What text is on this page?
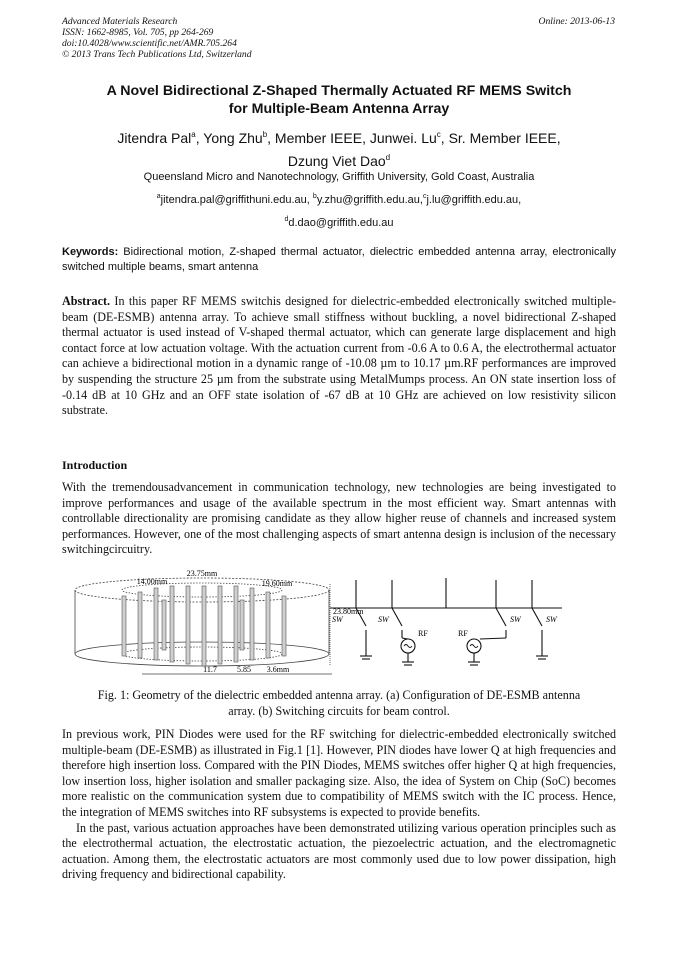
Advanced Materials Research
ISSN: 1662-8985, Vol. 705, pp 264-269
doi:10.4028/www.scientific.net/AMR.705.264
© 2013 Trans Tech Publications Ltd, Switzerland
Online: 2013-06-13
A Novel Bidirectional Z-Shaped Thermally Actuated RF MEMS Switch
for Multiple-Beam Antenna Array
Jitendra Pal$^a$, Yong Zhu$^b$, Member IEEE, Junwei. Lu$^c$, Sr. Member IEEE,
Dzung Viet Dao$^d$
Queensland Micro and Nanotechnology, Griffith University, Gold Coast, Australia
$^a$jitendra.pal@griffithuni.edu.au, $^b$y.zhu@griffith.edu.au,$^c$j.lu@griffith.edu.au,
$^d$d.dao@griffith.edu.au
Keywords: Bidirectional motion, Z-shaped thermal actuator, dielectric embedded antenna array, electronically switched multiple beams, smart antenna
Abstract. In this paper RF MEMS switchis designed for dielectric-embedded electronically switched multiple-beam (DE-ESMB) antenna array. To achieve small stiffness without buckling, a novel bidirectional Z-shaped thermal actuator is used instead of V-shaped thermal actuator, which can generate large displacement and high contact force at low actuation voltage. With the actuation current from -0.6 A to 0.6 A, the electrothermal actuator can achieve a bidirectional motion in a dynamic range of -10.08 µm to 10.17 µm.RF performances are improved by suspending the structure 25 µm from the substrate using MetalMumps process. An ON state insertion loss of -0.14 dB at 10 GHz and an OFF state isolation of -67 dB at 10 GHz are achieved on low resistivity silicon substrate.
Introduction
With the tremendousadvancement in communication technology, new technologies are being investigated to improve performances and usage of the available spectrum in the most efficient way. Smart antennas with controllable directionality are promising candidate as they allow higher reuse of channels and increased system performances. However, one of the most challenging aspects of smart antenna design is inclusion of the necessary switchingcircuitry.
23.75mm
14.00mm	19.60mm
23.80mm
11.7	5.85 3.6mm
SW	SW	SW	SW
RF	RF
Fig. 1: Geometry of the dielectric embedded antenna array. (a) Configuration of DE-ESMB antenna
array. (b) Switching circuits for beam control.

In previous work, PIN Diodes were used for the RF switching for dielectric-embedded electronically switched multiple-beam (DE-ESMB) as illustrated in Fig.1 [1]. However, PIN diodes have lower Q at high frequencies and therefore high insertion loss. Compared with the PIN Diodes, MEMS switches offer higher Q at high frequencies, low insertion loss, higher isolation and smaller packaging size. Also, the idea of System on Chip (SoC) becomes more realistic on the communication system due to compatibility of MEMS switch with the IC process. Hence, the integration of MEMS switches into RF subsystems is expected to provide benefits.

In the past, various actuation approaches have been demonstrated utilizing various operation principles such as the electrothermal actuation, the electrostatic actuation, the piezoelectric actuation, and the electromagnetic actuation. Among them, the electrostatic actuators are most commonly used due to low power dissipation, high driving frequency and bidirectional capability.
